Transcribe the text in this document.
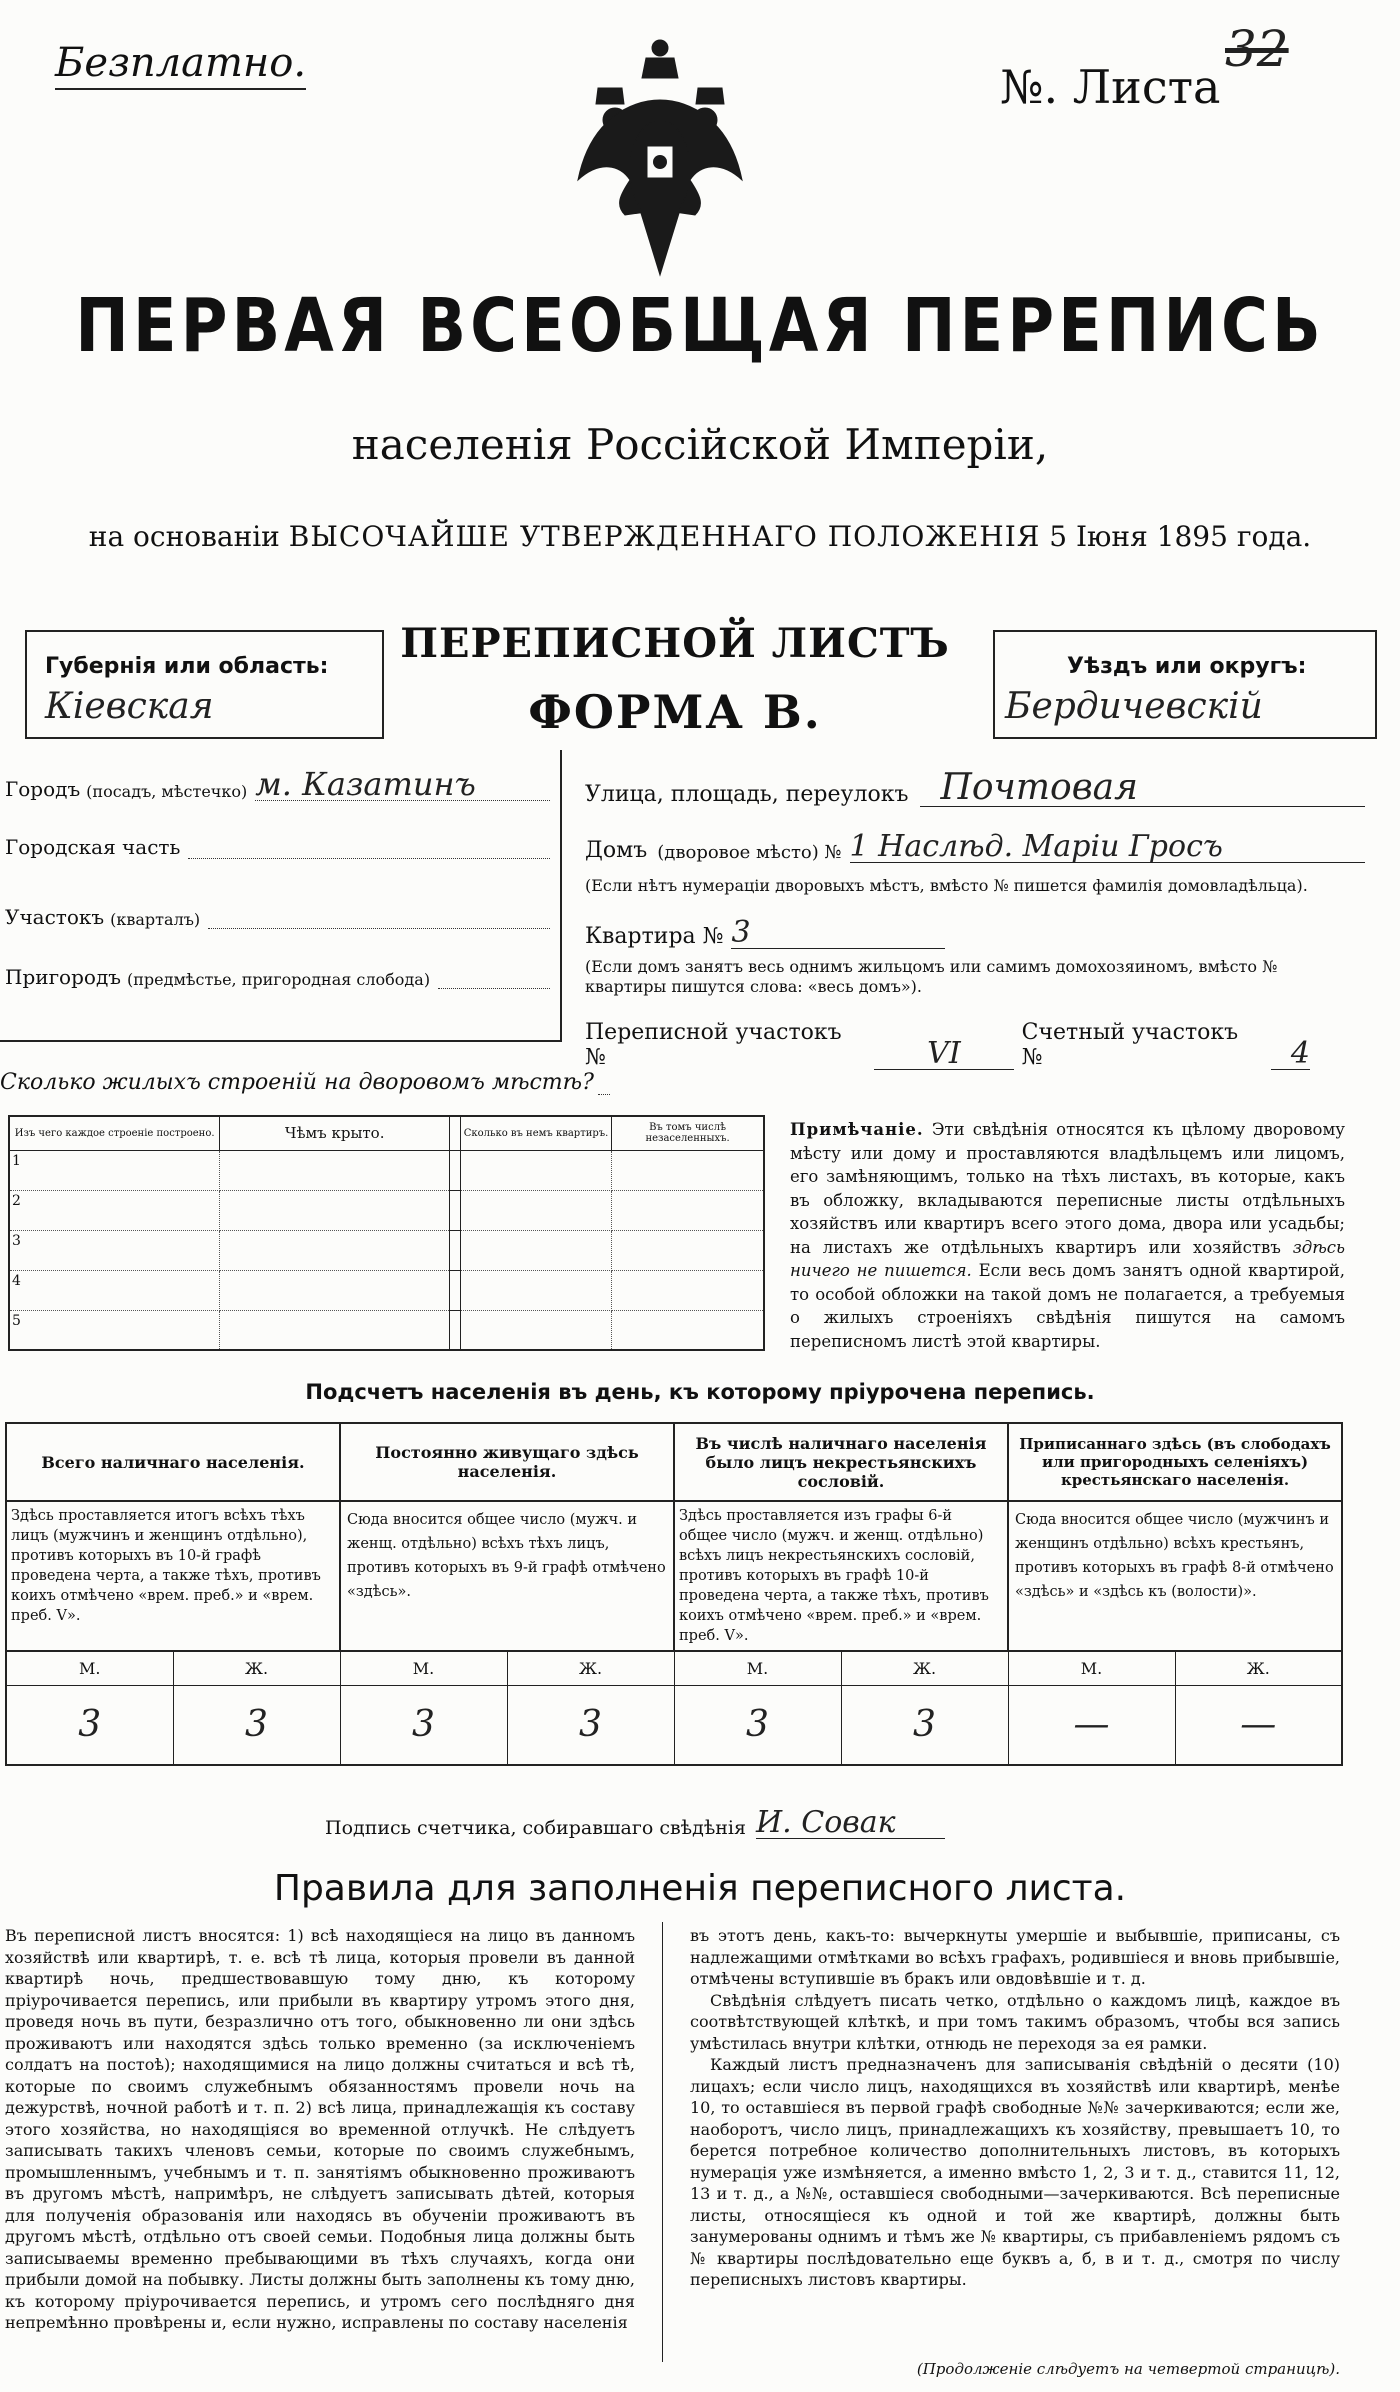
Безплатно.	№. Листа
32
ПЕРВАЯ ВСЕОБЩАЯ ПЕРЕПИСЬ
населенія Россійской Имперіи,
на основаніи ВЫСОЧАЙШЕ УТВЕРЖДЕННАГО ПОЛОЖЕНІЯ 5 Іюня 1895 года.
Губернія или область:
Кіевская
ПЕРЕПИСНОЙ ЛИСТЪ
ФОРМА В.
Уѣздъ или округъ:
Бердичевскій
Городъ (посадъ, мѣстечко) м. Казатинъ
Городская часть
Участокъ (кварталъ)
Пригородъ (предмѣстье, пригородная слобода)
Улица, площадь, переулокъ Почтовая
Домъ (дворовое мѣсто) № 1 Наслѣд. Маріи Гросъ
(Если нѣтъ нумераціи дворовыхъ мѣстъ, вмѣсто № пишется фамилія домовладѣльца).
Квартира № 3
(Если домъ занятъ весь однимъ жильцомъ или самимъ домохозяиномъ, вмѣсто № квартиры пишутся слова: «весь домъ»).
Переписной участокъ №	VI
Счетный участокъ №	4
Сколько жилыхъ строеній на дворовомъ мѣстѣ?
Изъ чего каждое строеніе построено.	Чѣмъ крыто.		Сколько въ немъ квартиръ.	Въ томъ числѣ незаселенныхъ.
1				
2				
3				
4				
5				
Примѣчаніе. Эти свѣдѣнія относятся къ цѣлому дворовому мѣсту или дому и проставляются владѣльцемъ или лицомъ, его замѣняющимъ, только на тѣхъ листахъ, въ которые, какъ въ обложку, вкладываются переписные листы отдѣльныхъ хозяйствъ или квартиръ всего этого дома, двора или усадьбы; на листахъ же отдѣльныхъ квартиръ или хозяйствъ здѣсь ничего не пишется. Если весь домъ занятъ одной квартирой, то особой обложки на такой домъ не полагается, а требуемыя о жилыхъ строеніяхъ свѣдѣнія пишутся на самомъ переписномъ листѣ этой квартиры.
Подсчетъ населенія въ день, къ которому пріурочена перепись.
Всего наличнаго населенія.		Постоянно живущаго здѣсь населенія.		Въ числѣ наличнаго населенія было лицъ некрестьянскихъ сословій.		Приписаннаго здѣсь (въ слободахъ или пригородныхъ селеніяхъ) крестьянскаго населенія.	
Здѣсь проставляется итогъ всѣхъ тѣхъ лицъ (мужчинъ и женщинъ отдѣльно), противъ которыхъ въ 10-й графѣ проведена черта, а также тѣхъ, противъ коихъ отмѣчено «врем. преб.» и «врем. преб. V».		Сюда вносится общее число (мужч. и женщ. отдѣльно) всѣхъ тѣхъ лицъ, противъ которыхъ въ 9-й графѣ отмѣчено «здѣсь».		Здѣсь проставляется изъ графы 6-й общее число (мужч. и женщ. отдѣльно) всѣхъ лицъ некрестьянскихъ сословій, противъ которыхъ въ графѣ 10-й проведена черта, а также тѣхъ, противъ коихъ отмѣчено «врем. преб.» и «врем. преб. V».		Сюда вносится общее число (мужчинъ и женщинъ отдѣльно) всѣхъ крестьянъ, противъ которыхъ въ графѣ 8-й отмѣчено «здѣсь» и «здѣсь къ (волости)».	
М.	Ж.	М.	Ж.	М.	Ж.	М.	Ж.
3	3	3	3	3	3	—	—
Подпись счетчика, собиравшаго свѣдѣнія И. Совак
Правила для заполненія переписного листа.
Въ переписной листъ вносятся: 1) всѣ находящіеся на лицо въ данномъ хозяйствѣ или квартирѣ, т. е. всѣ тѣ лица, которыя провели въ данной квартирѣ ночь, предшествовавшую тому дню, къ которому пріурочивается перепись, или прибыли въ квартиру утромъ этого дня, проведя ночь въ пути, безразлично отъ того, обыкновенно ли они здѣсь проживаютъ или находятся здѣсь только временно (за исключеніемъ солдатъ на постоѣ); находящимися на лицо должны считаться и всѣ тѣ, которые по своимъ служебнымъ обязанностямъ провели ночь на дежурствѣ, ночной работѣ и т. п. 2) всѣ лица, принадлежащія къ составу этого хозяйства, но находящіяся во временной отлучкѣ. Не слѣдуетъ записывать такихъ членовъ семьи, которые по своимъ служебнымъ, промышленнымъ, учебнымъ и т. п. занятіямъ обыкновенно проживаютъ въ другомъ мѣстѣ, напримѣръ, не слѣдуетъ записывать дѣтей, которыя для полученія образованія или находясь въ обученіи проживаютъ въ другомъ мѣстѣ, отдѣльно отъ своей семьи. Подобныя лица должны быть записываемы временно пребывающими въ тѣхъ случаяхъ, когда они прибыли домой на побывку. Листы должны быть заполнены къ тому дню, къ которому пріурочивается перепись, и утромъ сего послѣдняго дня непремѣнно провѣрены и, если нужно, исправлены по составу населенія
въ этотъ день, какъ-то: вычеркнуты умершіе и выбывшіе, приписаны, съ надлежащими отмѣтками во всѣхъ графахъ, родившіеся и вновь прибывшіе, отмѣчены вступившіе въ бракъ или овдовѣвшіе и т. д.
Свѣдѣнія слѣдуетъ писать четко, отдѣльно о каждомъ лицѣ, каждое въ соотвѣтствующей клѣткѣ, и при томъ такимъ образомъ, чтобы вся запись умѣстилась внутри клѣтки, отнюдь не переходя за ея рамки.
Каждый листъ предназначенъ для записыванія свѣдѣній о десяти (10) лицахъ; если число лицъ, находящихся въ хозяйствѣ или квартирѣ, менѣе 10, то оставшіеся въ первой графѣ свободные №№ зачеркиваются; если же, наоборотъ, число лицъ, принадлежащихъ къ хозяйству, превышаетъ 10, то берется потребное количество дополнительныхъ листовъ, въ которыхъ нумерація уже измѣняется, а именно вмѣсто 1, 2, 3 и т. д., ставится 11, 12, 13 и т. д., а №№, оставшіеся свободными—зачеркиваются. Всѣ переписные листы, относящіеся къ одной и той же квартирѣ, должны быть занумерованы однимъ и тѣмъ же № квартиры, съ прибавленіемъ рядомъ съ № квартиры послѣдовательно еще буквъ а, б, в и т. д., смотря по числу переписныхъ листовъ квартиры.
(Продолженіе слѣдуетъ на четвертой страницѣ).
